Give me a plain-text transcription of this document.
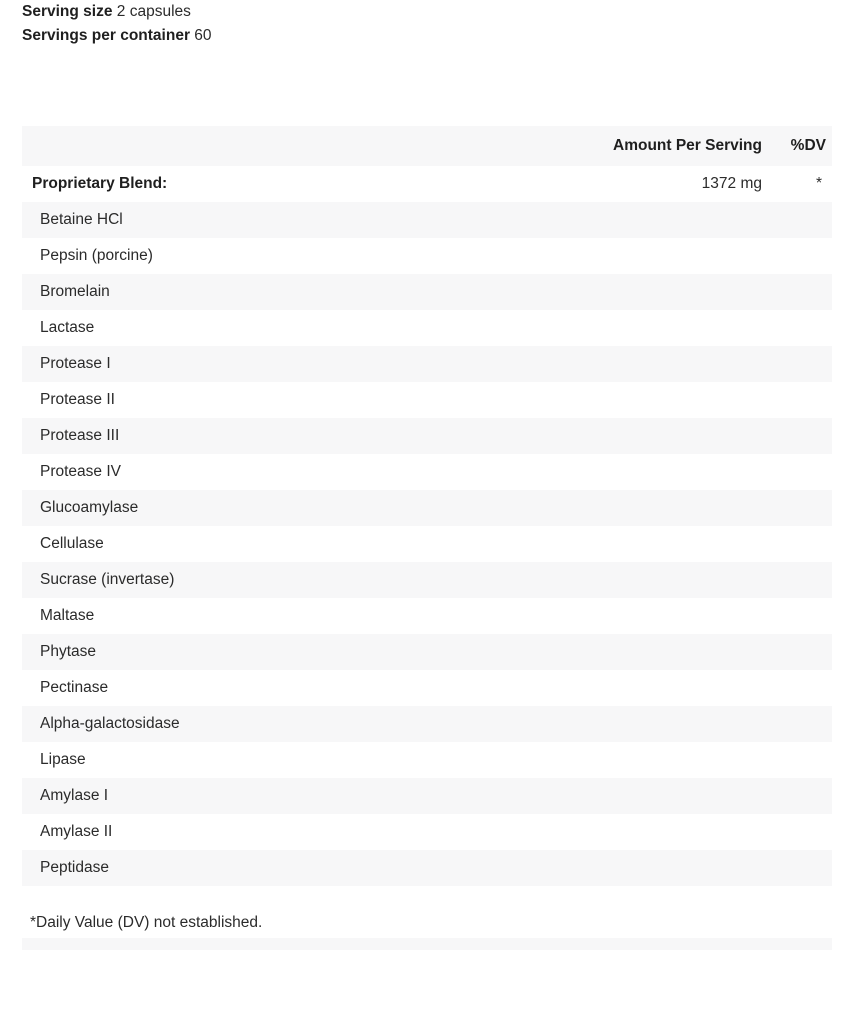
Serving size 2 capsules
Servings per container 60
	Amount Per Serving	%DV
Proprietary Blend:	1372 mg	*
Betaine HCl		
Pepsin (porcine)		
Bromelain		
Lactase		
Protease I		
Protease II		
Protease III		
Protease IV		
Glucoamylase		
Cellulase		
Sucrase (invertase)		
Maltase		
Phytase		
Pectinase		
Alpha-galactosidase		
Lipase		
Amylase I		
Amylase II		
Peptidase		
*Daily Value (DV) not established.
